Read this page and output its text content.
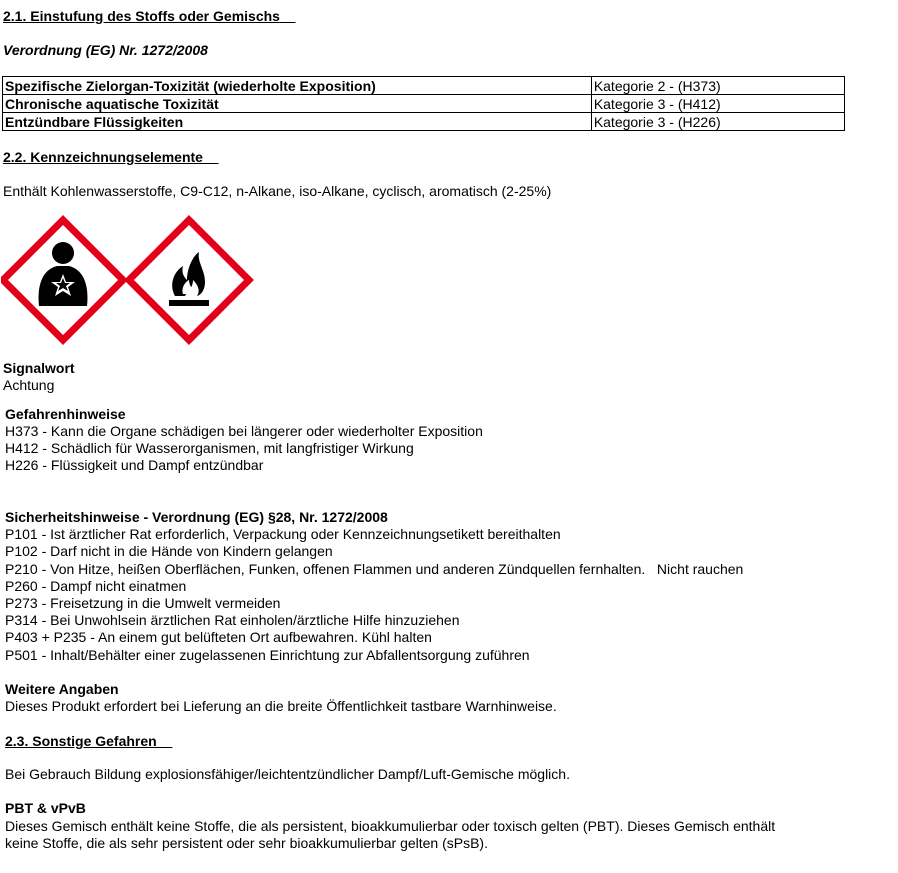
2.1. Einstufung des Stoffs oder Gemischs
Verordnung (EG) Nr. 1272/2008
Spezifische Zielorgan-Toxizität (wiederholte Exposition)	Kategorie 2 - (H373)
Chronische aquatische Toxizität	Kategorie 3 - (H412)
Entzündbare Flüssigkeiten	Kategorie 3 - (H226)
2.2. Kennzeichnungselemente
Enthält Kohlenwasserstoffe, C9-C12, n-Alkane, iso-Alkane, cyclisch, aromatisch (2-25%)
Signalwort
Achtung
Gefahrenhinweise
H373 - Kann die Organe schädigen bei längerer oder wiederholter Exposition
H412 - Schädlich für Wasserorganismen, mit langfristiger Wirkung
H226 - Flüssigkeit und Dampf entzündbar
Sicherheitshinweise - Verordnung (EG) §28, Nr. 1272/2008
P101 - Ist ärztlicher Rat erforderlich, Verpackung oder Kennzeichnungsetikett bereithalten
P102 - Darf nicht in die Hände von Kindern gelangen
P210 - Von Hitze, heißen Oberflächen, Funken, offenen Flammen und anderen Zündquellen fernhalten.   Nicht rauchen
P260 - Dampf nicht einatmen
P273 - Freisetzung in die Umwelt vermeiden
P314 - Bei Unwohlsein ärztlichen Rat einholen/ärztliche Hilfe hinzuziehen
P403 + P235 - An einem gut belüfteten Ort aufbewahren. Kühl halten
P501 - Inhalt/Behälter einer zugelassenen Einrichtung zur Abfallentsorgung zuführen
Weitere Angaben
Dieses Produkt erfordert bei Lieferung an die breite Öffentlichkeit tastbare Warnhinweise.
2.3. Sonstige Gefahren
Bei Gebrauch Bildung explosionsfähiger/leichtentzündlicher Dampf/Luft-Gemische möglich.
PBT & vPvB
Dieses Gemisch enthält keine Stoffe, die als persistent, bioakkumulierbar oder toxisch gelten (PBT). Dieses Gemisch enthält
keine Stoffe, die als sehr persistent oder sehr bioakkumulierbar gelten (sPsB).
